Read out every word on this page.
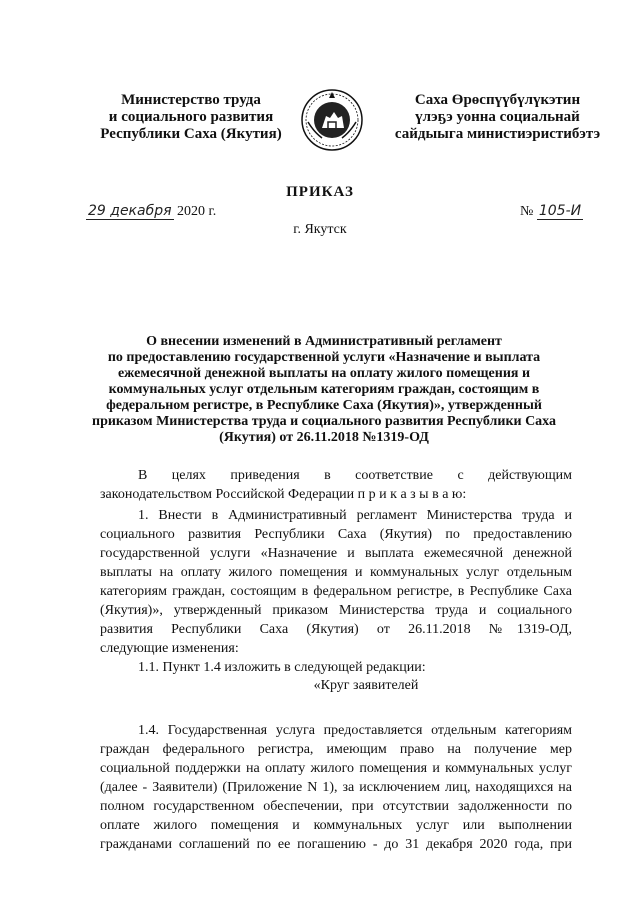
Министерство труда
и социального развития
Республики Саха (Якутия)
Саха Өрөспүүбүлүкэтин
үлэҕэ уонна социальнай
сайдыыга министиэристибэтэ
ПРИКАЗ
29 декабря 2020 г.	№ 105-И
г. Якутск
О внесении изменений в Административный регламент
по предоставлению государственной услуги «Назначение и выплата
ежемесячной денежной выплаты на оплату жилого помещения и
коммунальных услуг отдельным категориям граждан, состоящим в
федеральном регистре, в Республике Саха (Якутия)», утвержденный
приказом Министерства труда и социального развития Республики Саха
(Якутия) от 26.11.2018 №1319-ОД
В целях приведения в соответствие с действующим
законодательством Российской Федерации п р и к а з ы в а ю:
1. Внести в Административный регламент Министерства труда и
социального развития Республики Саха (Якутия) по предоставлению
государственной услуги «Назначение и выплата ежемесячной денежной
выплаты на оплату жилого помещения и коммунальных услуг отдельным
категориям граждан, состоящим в федеральном регистре, в Республике Саха
(Якутия)», утвержденный приказом Министерства труда и социального
развития Республики Саха (Якутия) от 26.11.2018 №1319-ОД,
следующие изменения:
1.1. Пункт 1.4 изложить в следующей редакции:
«Круг заявителей
1.4. Государственная услуга предоставляется отдельным категориям
граждан федерального регистра, имеющим право на получение мер
социальной поддержки на оплату жилого помещения и коммунальных услуг
(далее - Заявители) (Приложение N 1), за исключением лиц, находящихся на
полном государственном обеспечении, при отсутствии задолженности по
оплате жилого помещения и коммунальных услуг или выполнении
гражданами соглашений по ее погашению - до 31 декабря 2020 года, при
